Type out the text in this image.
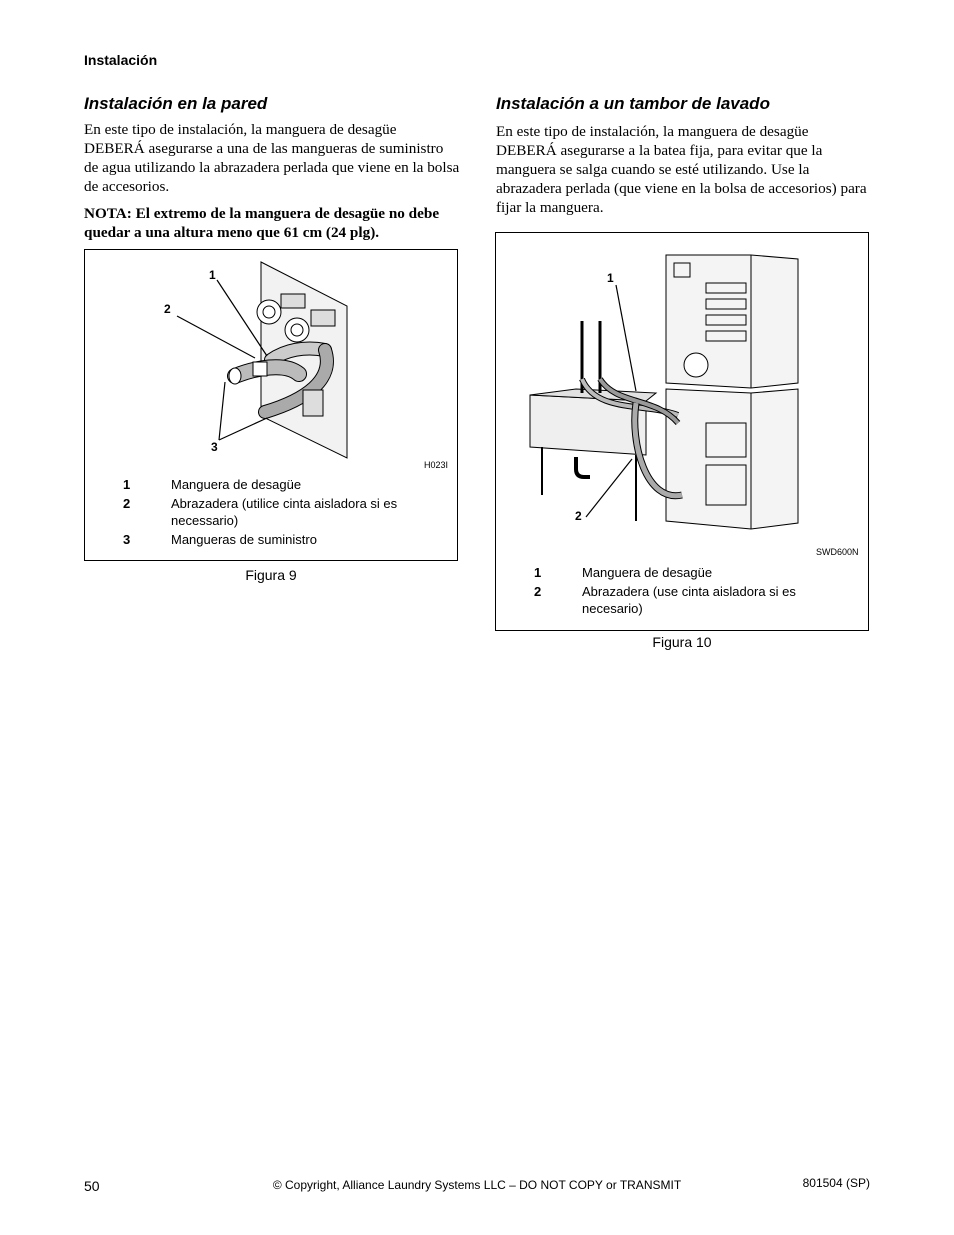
Instalación
Instalación en la pared

En este tipo de instalación, la manguera de desagüe DEBERÁ asegurarse a una de las mangueras de suministro de agua utilizando la abrazadera perlada que viene en la bolsa de accesorios.

NOTA: El extremo de la manguera de desagüe no debe quedar a una altura meno que 61 cm (24 plg).

1
2
3
H023I
1	Manguera de desagüe
2	Abrazadera (utilice cinta aisladora si es necessario)
3	Mangueras de suministro
Figura 9
Instalación a un tambor de lavado

En este tipo de instalación, la manguera de desagüe DEBERÁ asegurarse a la batea fija, para evitar que la manguera se salga cuando se esté utilizando. Use la abrazadera perlada (que viene en la bolsa de accesorios) para fijar la manguera.

1
2
SWD600N
1	Manguera de desagüe
2	Abrazadera (use cinta aisladora si es necesario)
Figura 10
50	© Copyright, Alliance Laundry Systems LLC – DO NOT COPY or TRANSMIT	801504 (SP)
